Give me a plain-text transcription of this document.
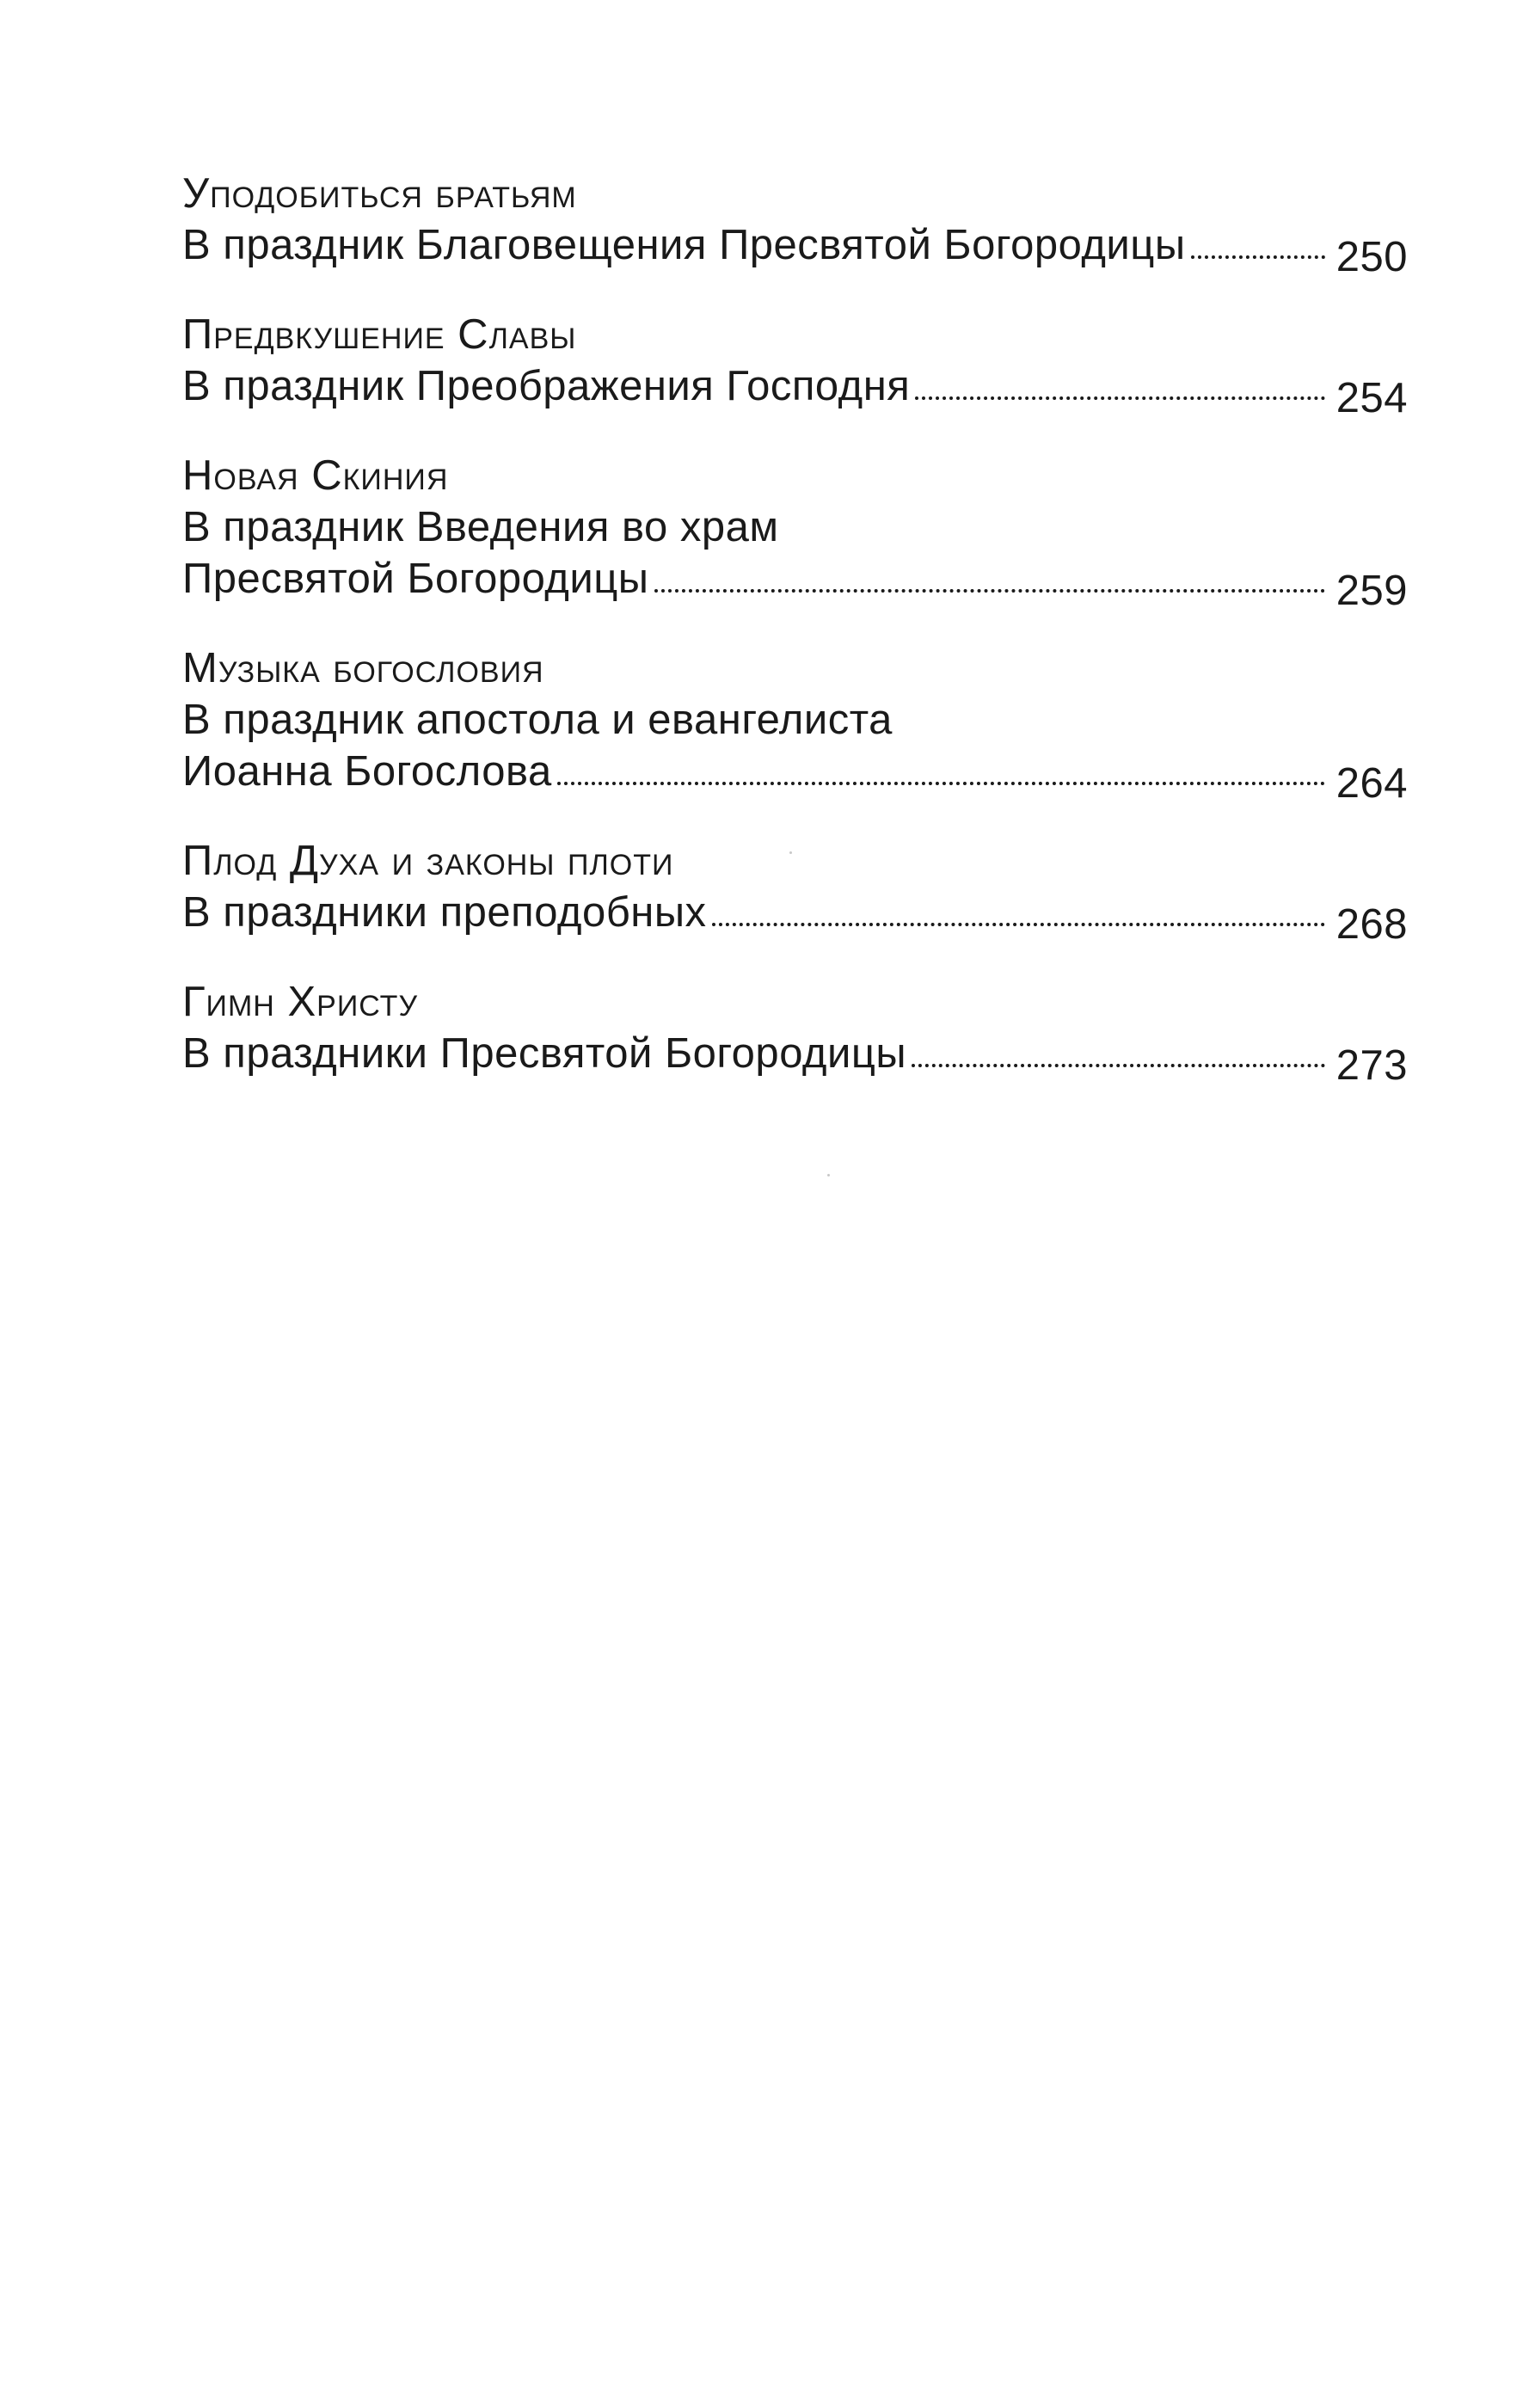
Уподобиться братьям
В праздник Благовещения Пресвятой Богородицы	250
Предвкушение Славы
В праздник Преображения Господня	254
Новая Скиния
В праздник Введения во храм
Пресвятой Богородицы	259
Музыка богословия
В праздник апостола и евангелиста
Иоанна Богослова	264
Плод Духа и законы плоти
В праздники преподобных	268
Гимн Христу
В праздники Пресвятой Богородицы	273
